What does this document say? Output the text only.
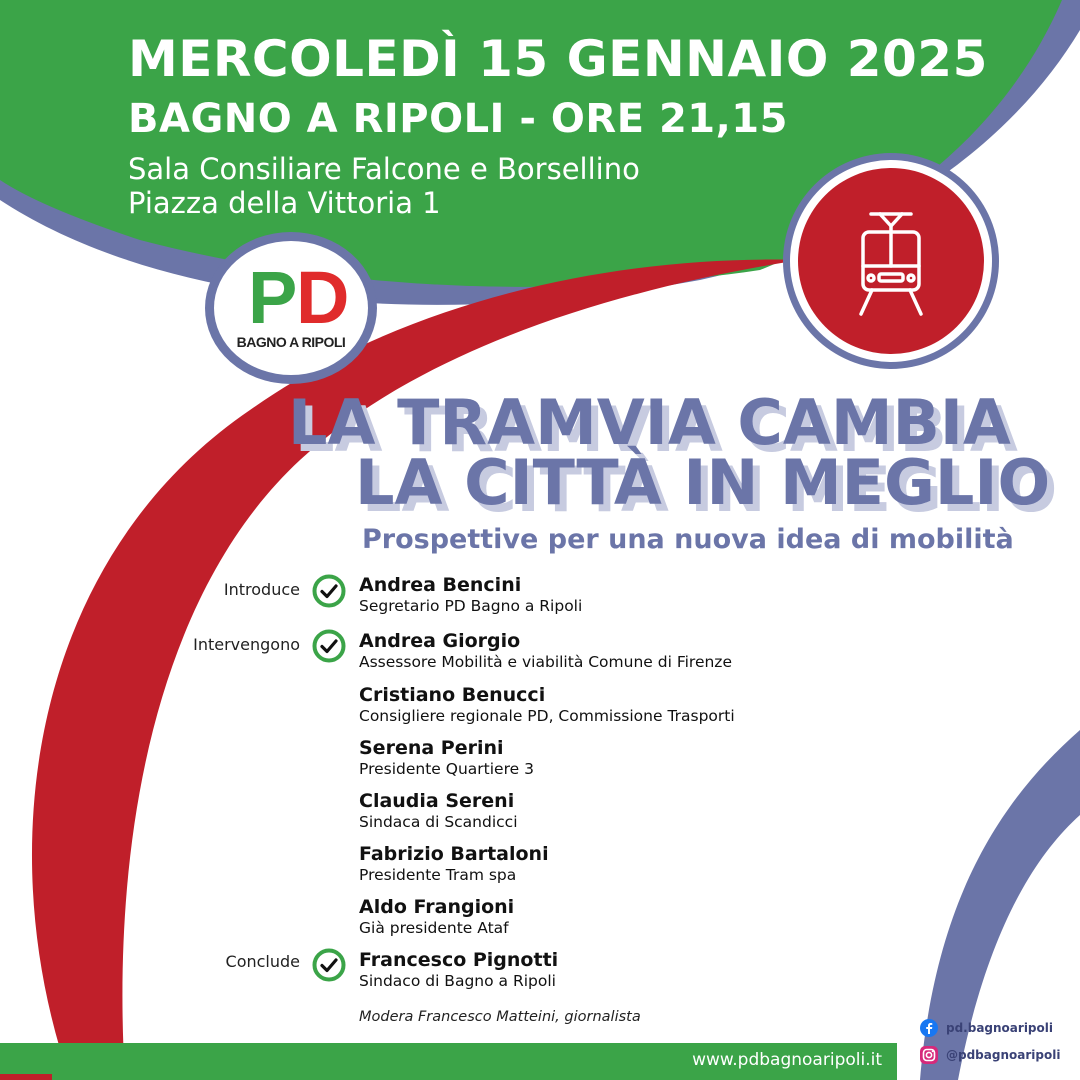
MERCOLEDÌ 15 GENNAIO 2025
BAGNO A RIPOLI - ORE 21,15
Sala Consiliare Falcone e Borsellino
Piazza della Vittoria 1
P D
BAGNO A RIPOLI
LA TRAMVIA CAMBIA
LA CITTÀ IN MEGLIO
Prospettive per una nuova idea di mobilità
Introduce	Andrea Bencini
Segretario PD Bagno a Ripoli
Intervengono	Andrea Giorgio
Assessore Mobilità e viabilità Comune di Firenze
Cristiano Benucci
Consigliere regionale PD, Commissione Trasporti
Serena Perini
Presidente Quartiere 3
Claudia Sereni
Sindaca di Scandicci
Fabrizio Bartaloni
Presidente Tram spa
Aldo Frangioni
Già presidente Ataf
Conclude	Francesco Pignotti
Sindaco di Bagno a Ripoli
Modera Francesco Matteini, giornalista
www.pdbagnoaripoli.it
pd.bagnoaripoli
@pdbagnoaripoli
